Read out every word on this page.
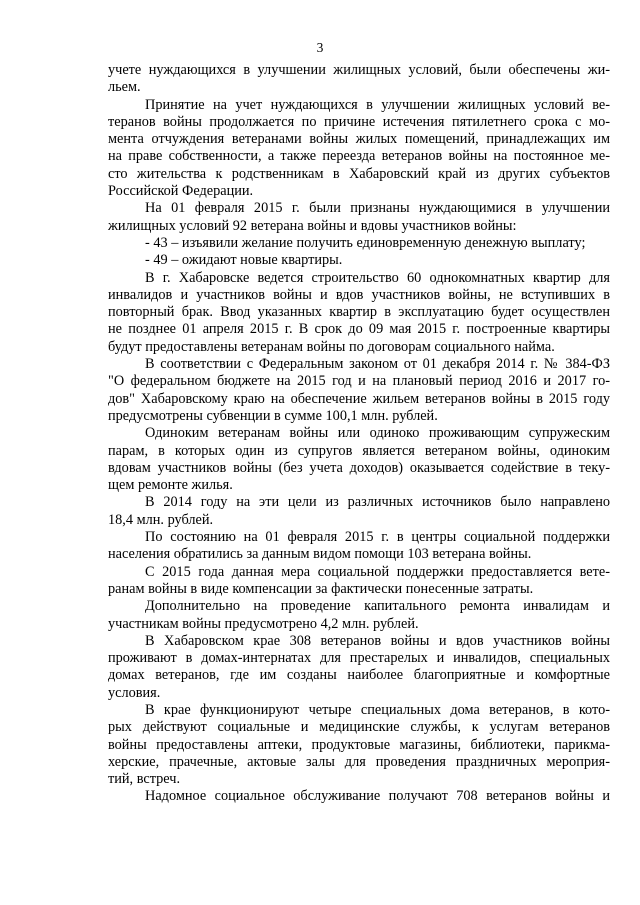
3
учете нуждающихся в улучшении жилищных условий, были обеспечены жи-
льем.
Принятие на учет нуждающихся в улучшении жилищных условий ве-
теранов войны продолжается по причине истечения пятилетнего срока с мо-
мента отчуждения ветеранами войны жилых помещений, принадлежащих им
на праве собственности, а также переезда ветеранов войны на постоянное ме-
сто жительства к родственникам в Хабаровский край из других субъектов
Российской Федерации.
На 01 февраля 2015 г. были признаны нуждающимися в улучшении
жилищных условий 92 ветерана войны и вдовы участников войны:
- 43 – изъявили желание получить единовременную денежную выплату;
- 49 – ожидают новые квартиры.
В г. Хабаровске ведется строительство 60 однокомнатных квартир для
инвалидов и участников войны и вдов участников войны, не вступивших в
повторный брак. Ввод указанных квартир в эксплуатацию будет осуществлен
не позднее 01 апреля 2015 г. В срок до 09 мая 2015 г. построенные квартиры
будут предоставлены ветеранам войны по договорам социального найма.
В соответствии с Федеральным законом от 01 декабря 2014 г. № 384-ФЗ
"О федеральном бюджете на 2015 год и на плановый период 2016 и 2017 го-
дов" Хабаровскому краю на обеспечение жильем ветеранов войны в 2015 году
предусмотрены субвенции в сумме 100,1 млн. рублей.
Одиноким ветеранам войны или одиноко проживающим супружеским
парам, в которых один из супругов является ветераном войны, одиноким
вдовам участников войны (без учета доходов) оказывается содействие в теку-
щем ремонте жилья.
В 2014 году на эти цели из различных источников было направлено
18,4 млн. рублей.
По состоянию на 01 февраля 2015 г. в центры социальной поддержки
населения обратились за данным видом помощи 103 ветерана войны.
С 2015 года данная мера социальной поддержки предоставляется вете-
ранам войны в виде компенсации за фактически понесенные затраты.
Дополнительно на проведение капитального ремонта инвалидам и
участникам войны предусмотрено 4,2 млн. рублей.
В Хабаровском крае 308 ветеранов войны и вдов участников войны
проживают в домах-интернатах для престарелых и инвалидов, специальных
домах ветеранов, где им созданы наиболее благоприятные и комфортные
условия.
В крае функционируют четыре специальных дома ветеранов, в кото-
рых действуют социальные и медицинские службы, к услугам ветеранов
войны предоставлены аптеки, продуктовые магазины, библиотеки, парикма-
херские, прачечные, актовые залы для проведения праздничных мероприя-
тий, встреч.
Надомное социальное обслуживание получают 708 ветеранов войны и
